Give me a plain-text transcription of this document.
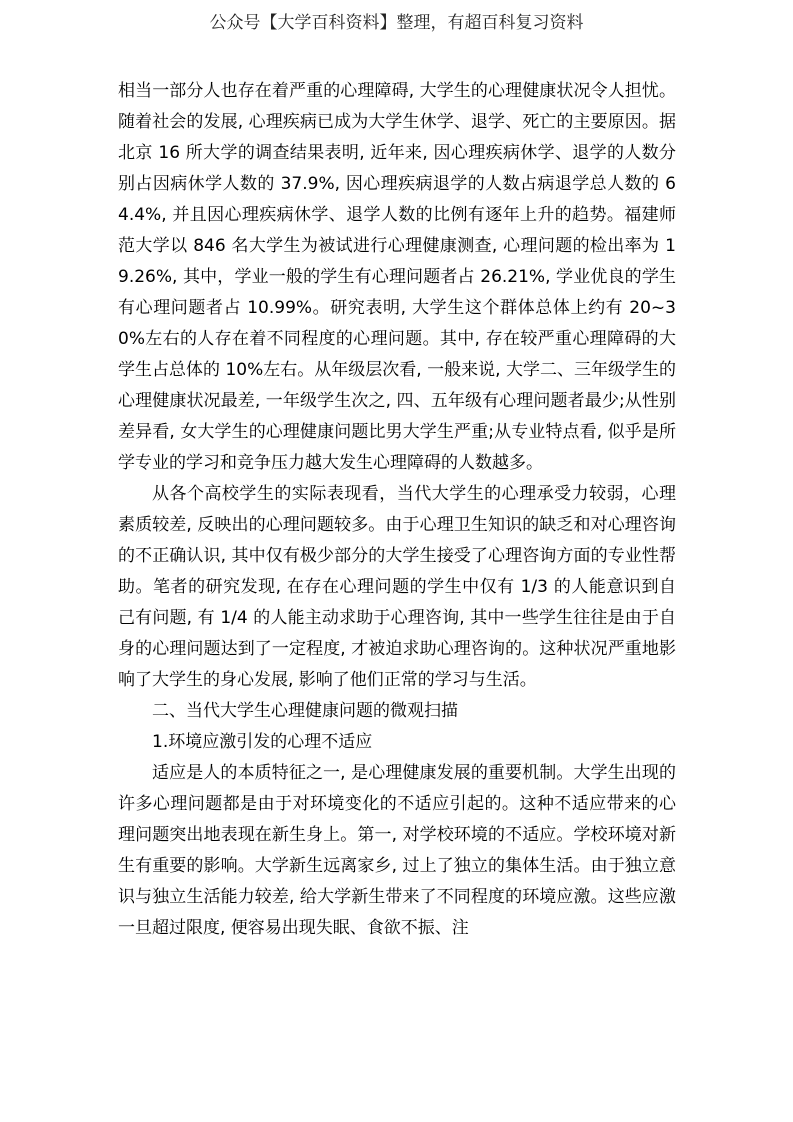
公众号【大学百科资料】整理，有超百科复习资料

相当一部分人也存在着严重的心理障碍, 大学生的心理健康状况令人担忧。随着社会的发展, 心理疾病已成为大学生休学、退学、死亡的主要原因。据北京 16 所大学的调查结果表明, 近年来, 因心理疾病休学、退学的人数分别占因病休学人数的 37.9%, 因心理疾病退学的人数占病退学总人数的 64.4%, 并且因心理疾病休学、退学人数的比例有逐年上升的趋势。福建师范大学以 846 名大学生为被试进行心理健康测查, 心理问题的检出率为 19.26%, 其中，学业一般的学生有心理问题者占 26.21%, 学业优良的学生有心理问题者占 10.99%。研究表明, 大学生这个群体总体上约有 20~30%左右的人存在着不同程度的心理问题。其中, 存在较严重心理障碍的大学生占总体的 10%左右。从年级层次看, 一般来说, 大学二、三年级学生的心理健康状况最差, 一年级学生次之, 四、五年级有心理问题者最少;从性别差异看, 女大学生的心理健康问题比男大学生严重;从专业特点看, 似乎是所学专业的学习和竞争压力越大发生心理障碍的人数越多。

从各个高校学生的实际表现看，当代大学生的心理承受力较弱，心理素质较差, 反映出的心理问题较多。由于心理卫生知识的缺乏和对心理咨询的不正确认识, 其中仅有极少部分的大学生接受了心理咨询方面的专业性帮助。笔者的研究发现, 在存在心理问题的学生中仅有 1/3 的人能意识到自己有问题, 有 1/4 的人能主动求助于心理咨询, 其中一些学生往往是由于自身的心理问题达到了一定程度, 才被迫求助心理咨询的。这种状况严重地影响了大学生的身心发展, 影响了他们正常的学习与生活。

二、当代大学生心理健康问题的微观扫描

1.环境应激引发的心理不适应

适应是人的本质特征之一, 是心理健康发展的重要机制。大学生出现的许多心理问题都是由于对环境变化的不适应引起的。这种不适应带来的心理问题突出地表现在新生身上。第一, 对学校环境的不适应。学校环境对新生有重要的影响。大学新生远离家乡, 过上了独立的集体生活。由于独立意识与独立生活能力较差, 给大学新生带来了不同程度的环境应激。这些应激一旦超过限度, 便容易出现失眠、食欲不振、注
